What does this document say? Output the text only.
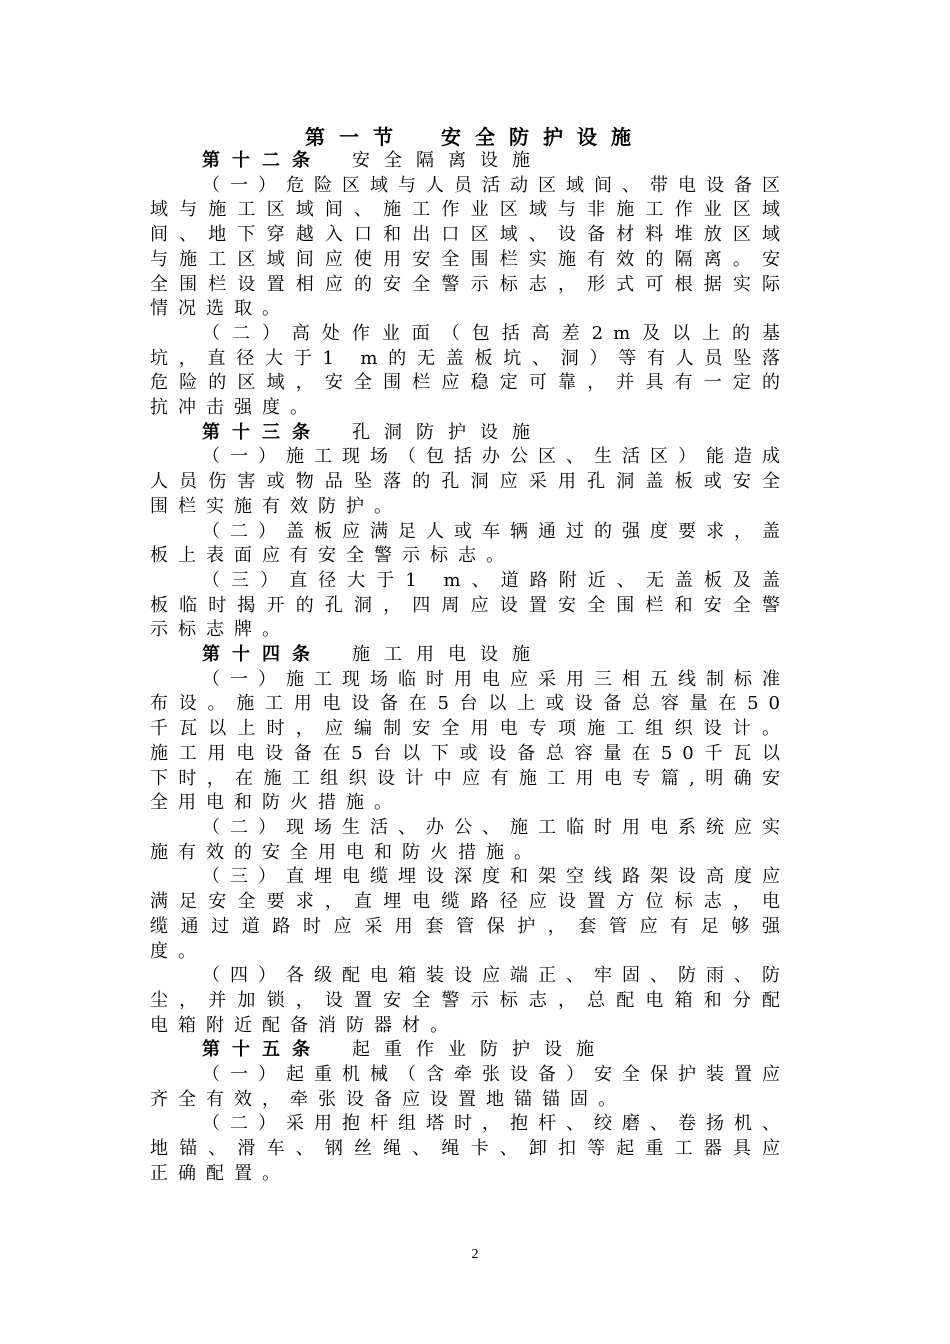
第一节　安全防护设施

第十二条 安全隔离设施

（一）危险区域与人员活动区域间、带电设备区域与施工区域间、施工作业区域与非施工作业区域间、地下穿越入口和出口区域、设备材料堆放区域与施工区域间应使用安全围栏实施有效的隔离。安全围栏设置相应的安全警示标志，形式可根据实际情况选取。

（二）高处作业面（包括高差2m及以上的基坑，直径大于1 m的无盖板坑、洞）等有人员坠落危险的区域，安全围栏应稳定可靠，并具有一定的抗冲击强度。

第十三条 孔洞防护设施

（一）施工现场（包括办公区、生活区）能造成人员伤害或物品坠落的孔洞应采用孔洞盖板或安全围栏实施有效防护。

（二）盖板应满足人或车辆通过的强度要求，盖板上表面应有安全警示标志。

（三）直径大于1 m、道路附近、无盖板及盖板临时揭开的孔洞，四周应设置安全围栏和安全警示标志牌。

第十四条 施工用电设施

（一）施工现场临时用电应采用三相五线制标准布设。施工用电设备在5台以上或设备总容量在50千瓦以上时，应编制安全用电专项施工组织设计。施工用电设备在5台以下或设备总容量在50千瓦以下时，在施工组织设计中应有施工用电专篇,明确安全用电和防火措施。

（二）现场生活、办公、施工临时用电系统应实施有效的安全用电和防火措施。

（三）直埋电缆埋设深度和架空线路架设高度应满足安全要求，直埋电缆路径应设置方位标志，电缆通过道路时应采用套管保护，套管应有足够强度。

（四）各级配电箱装设应端正、牢固、防雨、防尘，并加锁，设置安全警示标志，总配电箱和分配电箱附近配备消防器材。

第十五条 起重作业防护设施

（一）起重机械（含牵张设备）安全保护装置应齐全有效，牵张设备应设置地锚锚固。

（二）采用抱杆组塔时，抱杆、绞磨、卷扬机、地锚、滑车、钢丝绳、绳卡、卸扣等起重工器具应正确配置。

2
